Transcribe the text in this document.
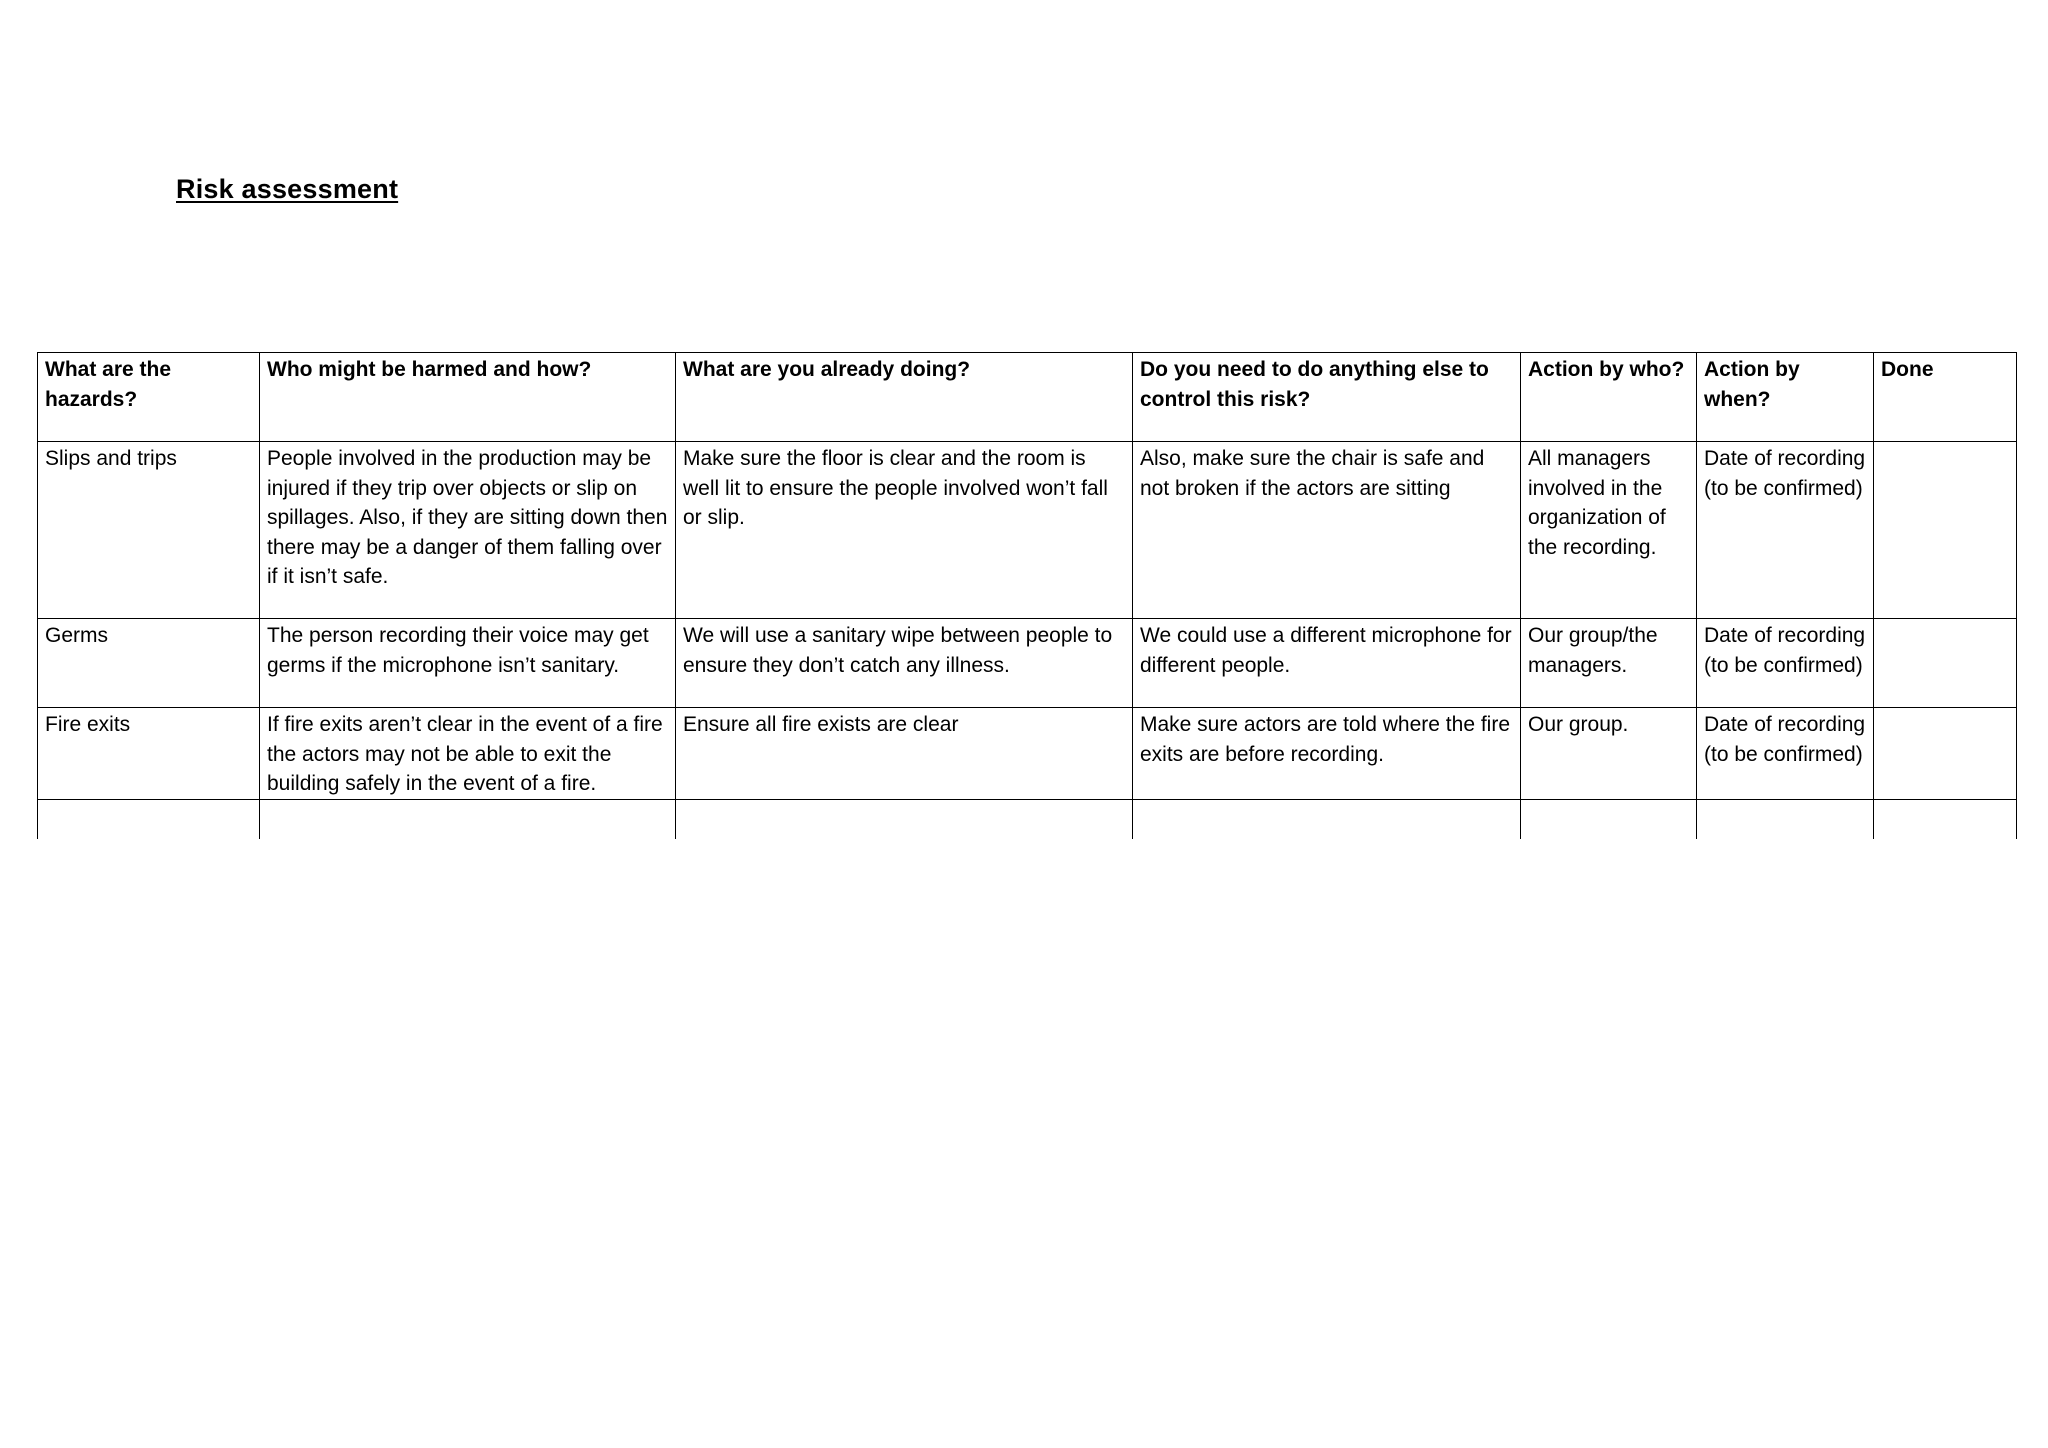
Risk assessment
What are the hazards?	Who might be harmed and how?	What are you already doing?	Do you need to do anything else to control this risk?	Action by who?	Action by when?	Done
Slips and trips	People involved in the production may be injured if they trip over objects or slip on spillages. Also, if they are sitting down then there may be a danger of them falling over if it isn’t safe.	Make sure the floor is clear and the room is well lit to ensure the people involved won’t fall or slip.	Also, make sure the chair is safe and not broken if the actors are sitting	All managers involved in the organization of the recording.	Date of recording (to be confirmed)	
Germs	The person recording their voice may get germs if the microphone isn’t sanitary.	We will use a sanitary wipe between people to ensure they don’t catch any illness.	We could use a different microphone for different people.	Our group/the managers.	Date of recording (to be confirmed)	
Fire exits	If fire exits aren’t clear in the event of a fire the actors may not be able to exit the building safely in the event of a fire.	Ensure all fire exists are clear	Make sure actors are told where the fire exits are before recording.	Our group.	Date of recording (to be confirmed)	
